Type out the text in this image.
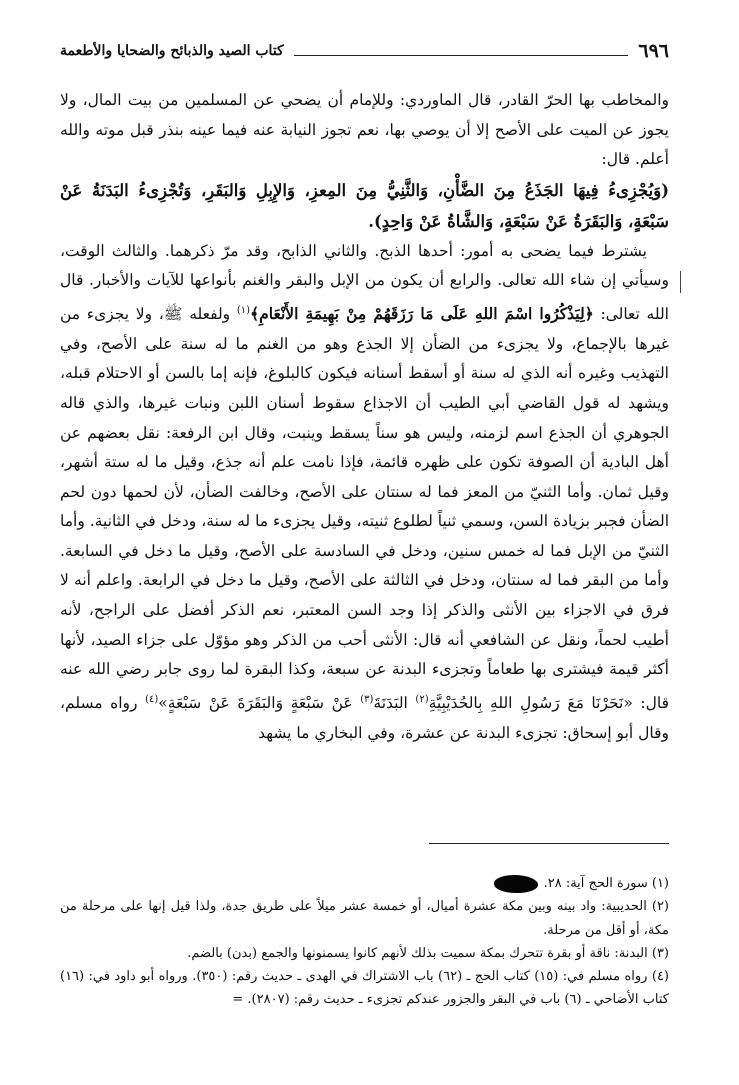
٦٩٦
كتاب الصيد والذبائح والضحايا والأطعمة

والمخاطب بها الحرّ القادر، قال الماوردي: وللإمام أن يضحي عن المسلمين من بيت المال، ولا يجوز عن الميت على الأصح إلا أن يوصي بها، نعم تجوز النيابة عنه فيما عينه بنذر قبل موته والله أعلم. قال:

(وَيُجْزِىءُ فِيهَا الجَذَعُ مِنَ الضَّأْنِ، وَالثَّنِيُّ مِنَ المِعزِ، وَالإِبِلِ وَالبَقَرِ، وَتُجْزِىءُ البَدَنَةُ عَنْ سَبْعَةٍ، وَالبَقَرَةُ عَنْ سَبْعَةٍ، وَالشَّاةُ عَنْ وَاحِدٍ).

يشترط فيما يضحى به أمور: أحدها الذبح. والثاني الذابح، وقد مرّ ذكرهما. والثالث الوقت، وسيأتي إن شاء الله تعالى. والرابع أن يكون من الإبل والبقر والغنم بأنواعها للآيات والأخبار. قال الله تعالى: ﴿لِيَذْكُرُوا اسْمَ اللهِ عَلَى مَا رَزَقَهُمْ مِنْ بَهِيمَةِ الأَنْعَامِ﴾$^{(١)}$ ولفعله ﷺ، ولا يجزىء من غيرها بالإجماع، ولا يجزىء من الضأن إلا الجذع وهو من الغنم ما له سنة على الأصح، وفي التهذيب وغيره أنه الذي له سنة أو أسقط أسنانه فيكون كالبلوغ، فإنه إما بالسن أو الاحتلام قبله، ويشهد له قول القاضي أبي الطيب أن الاجذاع سقوط أسنان اللبن ونبات غيرها، والذي قاله الجوهري أن الجذع اسم لزمنه، وليس هو سناً يسقط وينبت، وقال ابن الرفعة: نقل بعضهم عن أهل البادية أن الصوفة تكون على ظهره قائمة، فإذا نامت علم أنه جذع، وقيل ما له ستة أشهر، وقيل ثمان. وأما الثنيّ من المعز فما له سنتان على الأصح، وخالفت الضأن، لأن لحمها دون لحم الضأن فجبر بزيادة السن، وسمي ثنياً لطلوع ثنيته، وقيل يجزىء ما له سنة، ودخل في الثانية. وأما الثنيّ من الإبل فما له خمس سنين، ودخل في السادسة على الأصح، وقيل ما دخل في السابعة. وأما من البقر فما له سنتان، ودخل في الثالثة على الأصح، وقيل ما دخل في الرابعة. واعلم أنه لا فرق في الاجزاء بين الأنثى والذكر إذا وجد السن المعتبر، نعم الذكر أفضل على الراجح، لأنه أطيب لحماً، ونقل عن الشافعي أنه قال: الأنثى أحب من الذكر وهو مؤوّل على جزاء الصيد، لأنها أكثر قيمة فيشترى بها طعاماً وتجزىء البدنة عن سبعة، وكذا البقرة لما روى جابر رضي الله عنه قال: «نَحَرْنَا مَعَ رَسُولِ اللهِ بِالحُدَيْبِيَّةِ$^{(٢)}$ البَدَنَةَ$^{(٣)}$ عَنْ سَبْعَةٍ وَالبَقَرَةَ عَنْ سَبْعَةٍ»$^{(٤)}$ رواه مسلم، وقال أبو إسحاق: تجزىء البدنة عن عشرة، وفي البخاري ما يشهد

(١) سورة الحج آية: ٢٨.

(٢) الحديبية: واد بينه وبين مكة عشرة أميال، أو خمسة عشر ميلاً على طريق جدة، ولذا قيل إنها على مرحلة من مكة، أو أقل من مرحلة.

(٣) البدنة: ناقة أو بقرة تتحرك بمكة سميت بذلك لأنهم كانوا يسمنونها والجمع (بدن) بالضم.

(٤) رواه مسلم في: (١٥) كتاب الحج ـ (٦٢) باب الاشتراك في الهدى ـ حديث رقم: (٣٥٠). ورواه أبو داود في: (١٦) كتاب الأضاحي ـ (٦) باب في البقر والجزور عندكم تجزىء ـ حديث رقم: (٢٨٠٧). =
